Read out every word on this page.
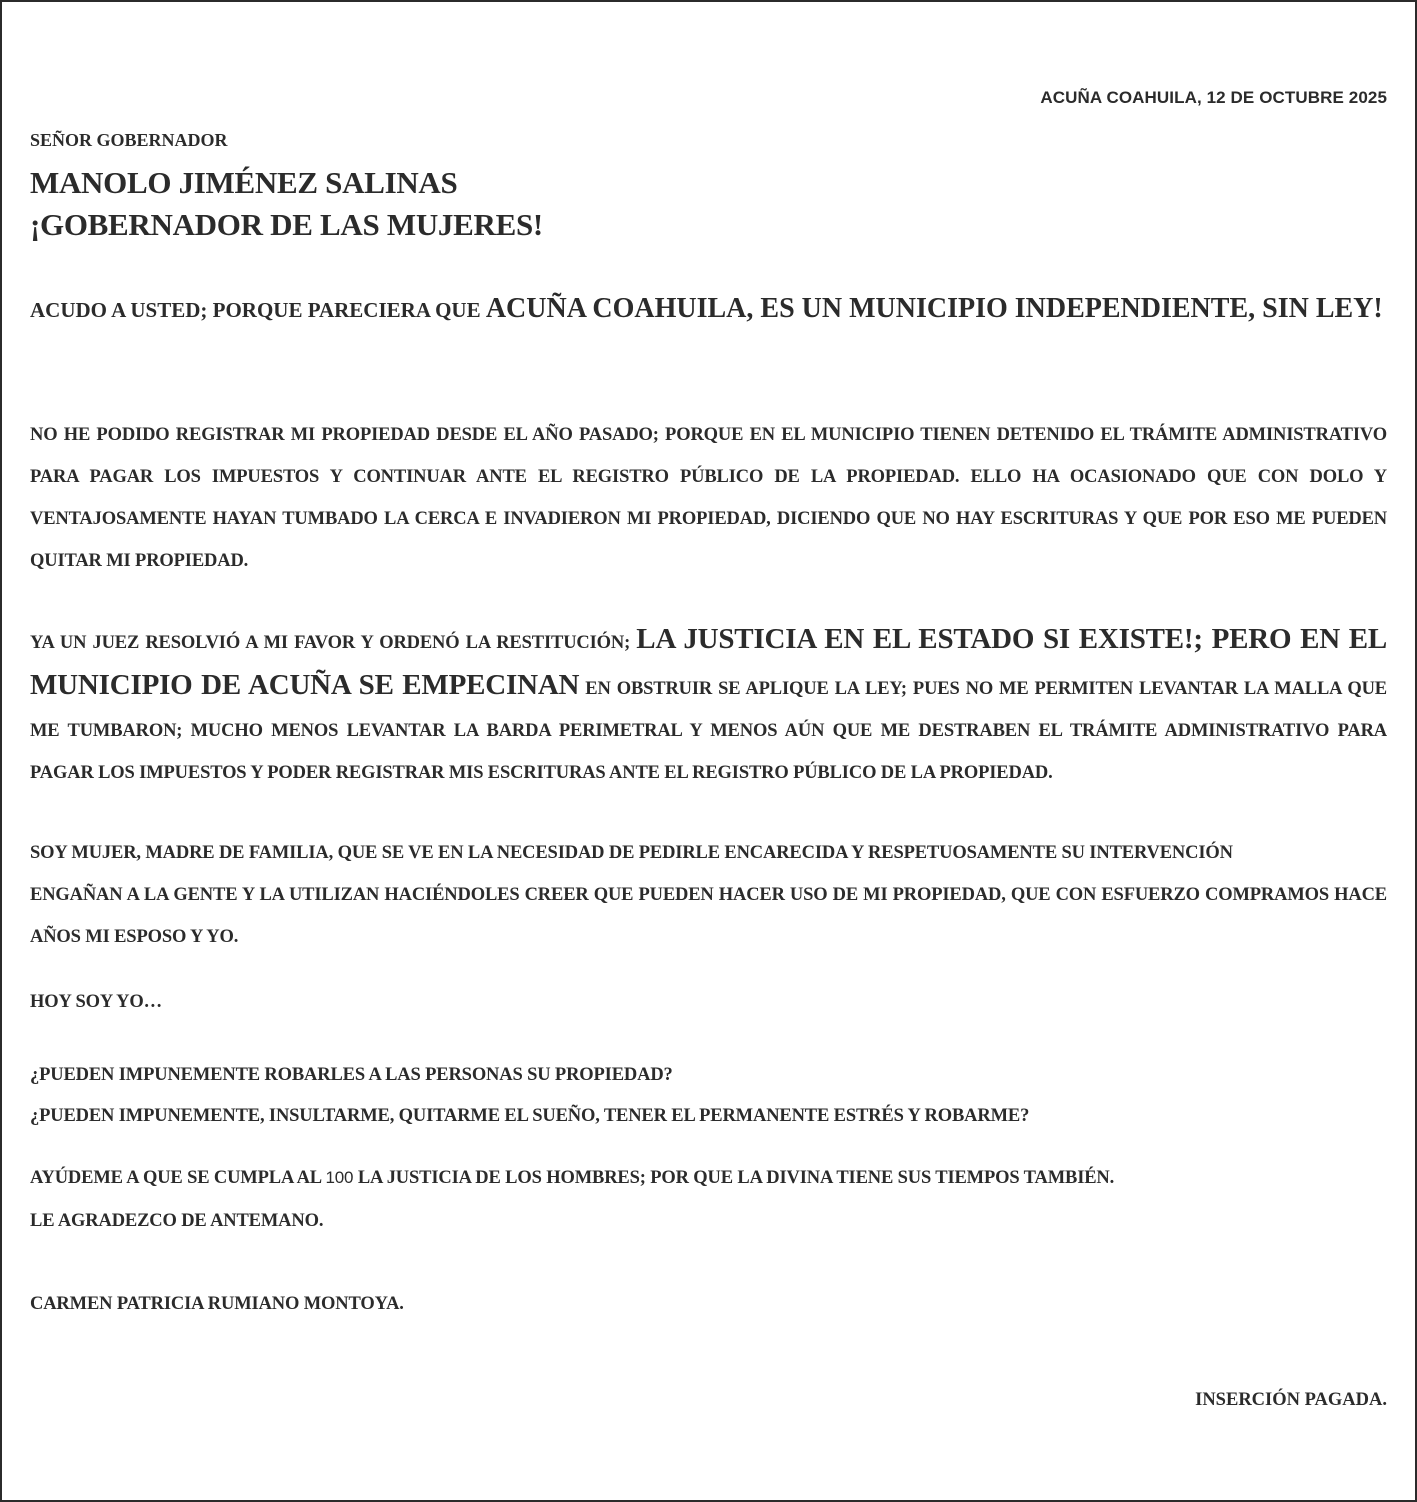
ACUÑA COAHUILA, 12 DE OCTUBRE 2025
SEÑOR GOBERNADOR
MANOLO JIMÉNEZ SALINAS
¡GOBERNADOR DE LAS MUJERES!
ACUDO A USTED; PORQUE PARECIERA QUE ACUÑA COAHUILA, ES UN MUNICIPIO INDEPENDIENTE, SIN LEY!
NO HE PODIDO REGISTRAR MI PROPIEDAD DESDE EL AÑO PASADO; PORQUE EN EL MUNICIPIO TIENEN DETENIDO EL TRÁMITE ADMINISTRATIVO PARA PAGAR LOS IMPUESTOS Y CONTINUAR ANTE EL REGISTRO PÚBLICO DE LA PROPIEDAD. ELLO HA OCASIONADO QUE CON DOLO Y VENTAJOSAMENTE HAYAN TUMBADO LA CERCA E INVADIERON MI PROPIEDAD, DICIENDO QUE NO HAY ESCRITURAS Y QUE POR ESO ME PUEDEN QUITAR MI PROPIEDAD.
YA UN JUEZ RESOLVIÓ A MI FAVOR Y ORDENÓ LA RESTITUCIÓN; LA JUSTICIA EN EL ESTADO SI EXISTE!; PERO EN EL MUNICIPIO DE ACUÑA SE EMPECINAN EN OBSTRUIR SE APLIQUE LA LEY; PUES NO ME PERMITEN LEVANTAR LA MALLA QUE ME TUMBARON; MUCHO MENOS LEVANTAR LA BARDA PERIMETRAL Y MENOS AÚN QUE ME DESTRABEN EL TRÁMITE ADMINISTRATIVO PARA PAGAR LOS IMPUESTOS Y PODER REGISTRAR MIS ESCRITURAS ANTE EL REGISTRO PÚBLICO DE LA PROPIEDAD.
SOY MUJER, MADRE DE FAMILIA, QUE SE VE EN LA NECESIDAD DE PEDIRLE ENCARECIDA Y RESPETUOSAMENTE SU INTERVENCIÓN
ENGAÑAN A LA GENTE Y LA UTILIZAN HACIÉNDOLES CREER QUE PUEDEN HACER USO DE MI PROPIEDAD, QUE CON ESFUERZO COMPRAMOS HACE AÑOS MI ESPOSO Y YO.
HOY SOY YO…
¿PUEDEN IMPUNEMENTE ROBARLES A LAS PERSONAS SU PROPIEDAD?
¿PUEDEN IMPUNEMENTE, INSULTARME, QUITARME EL SUEÑO, TENER EL PERMANENTE ESTRÉS Y ROBARME?
AYÚDEME A QUE SE CUMPLA AL 100 LA JUSTICIA DE LOS HOMBRES; POR QUE LA DIVINA TIENE SUS TIEMPOS TAMBIÉN.
LE AGRADEZCO DE ANTEMANO.
CARMEN PATRICIA RUMIANO MONTOYA.
INSERCIÓN PAGADA.
